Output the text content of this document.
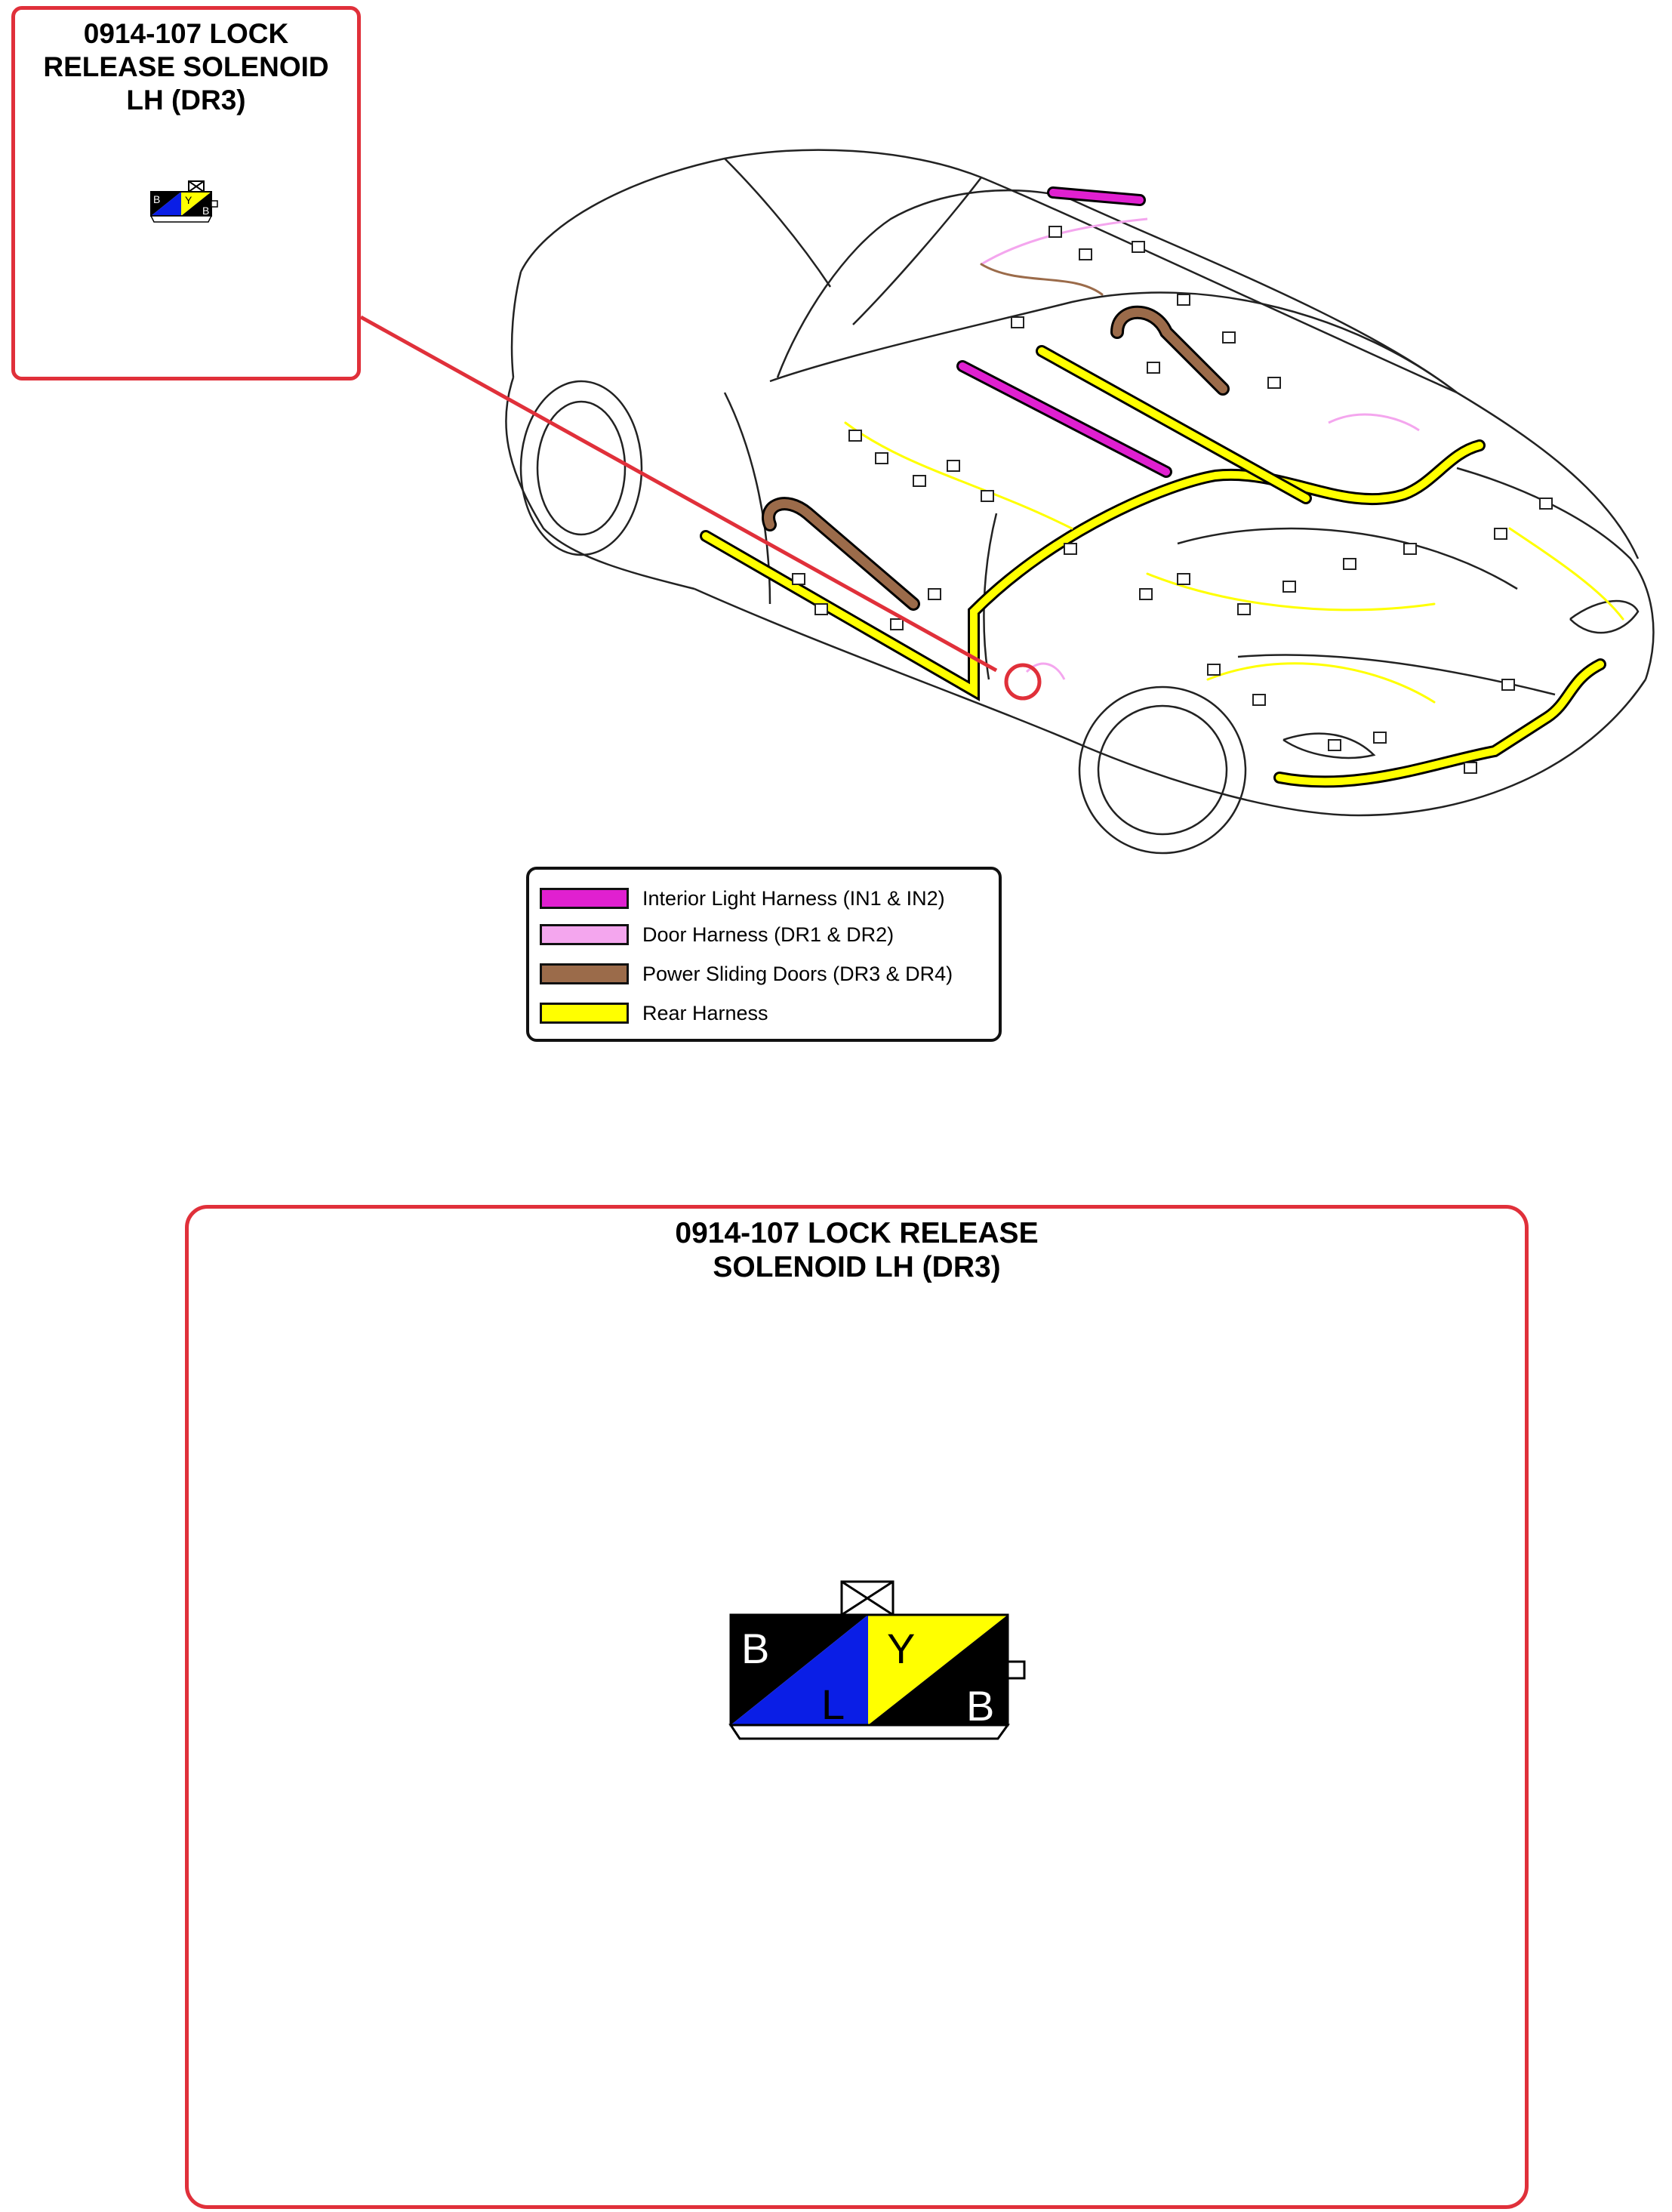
0914-107 LOCK
RELEASE SOLENOID
LH (DR3)
B Y
B
Interior Light Harness (IN1 & IN2)
Door Harness (DR1 & DR2)
Power Sliding Doors (DR3 & DR4)
Rear Harness
0914-107 LOCK RELEASE
SOLENOID LH (DR3)
B
L
Y
B
